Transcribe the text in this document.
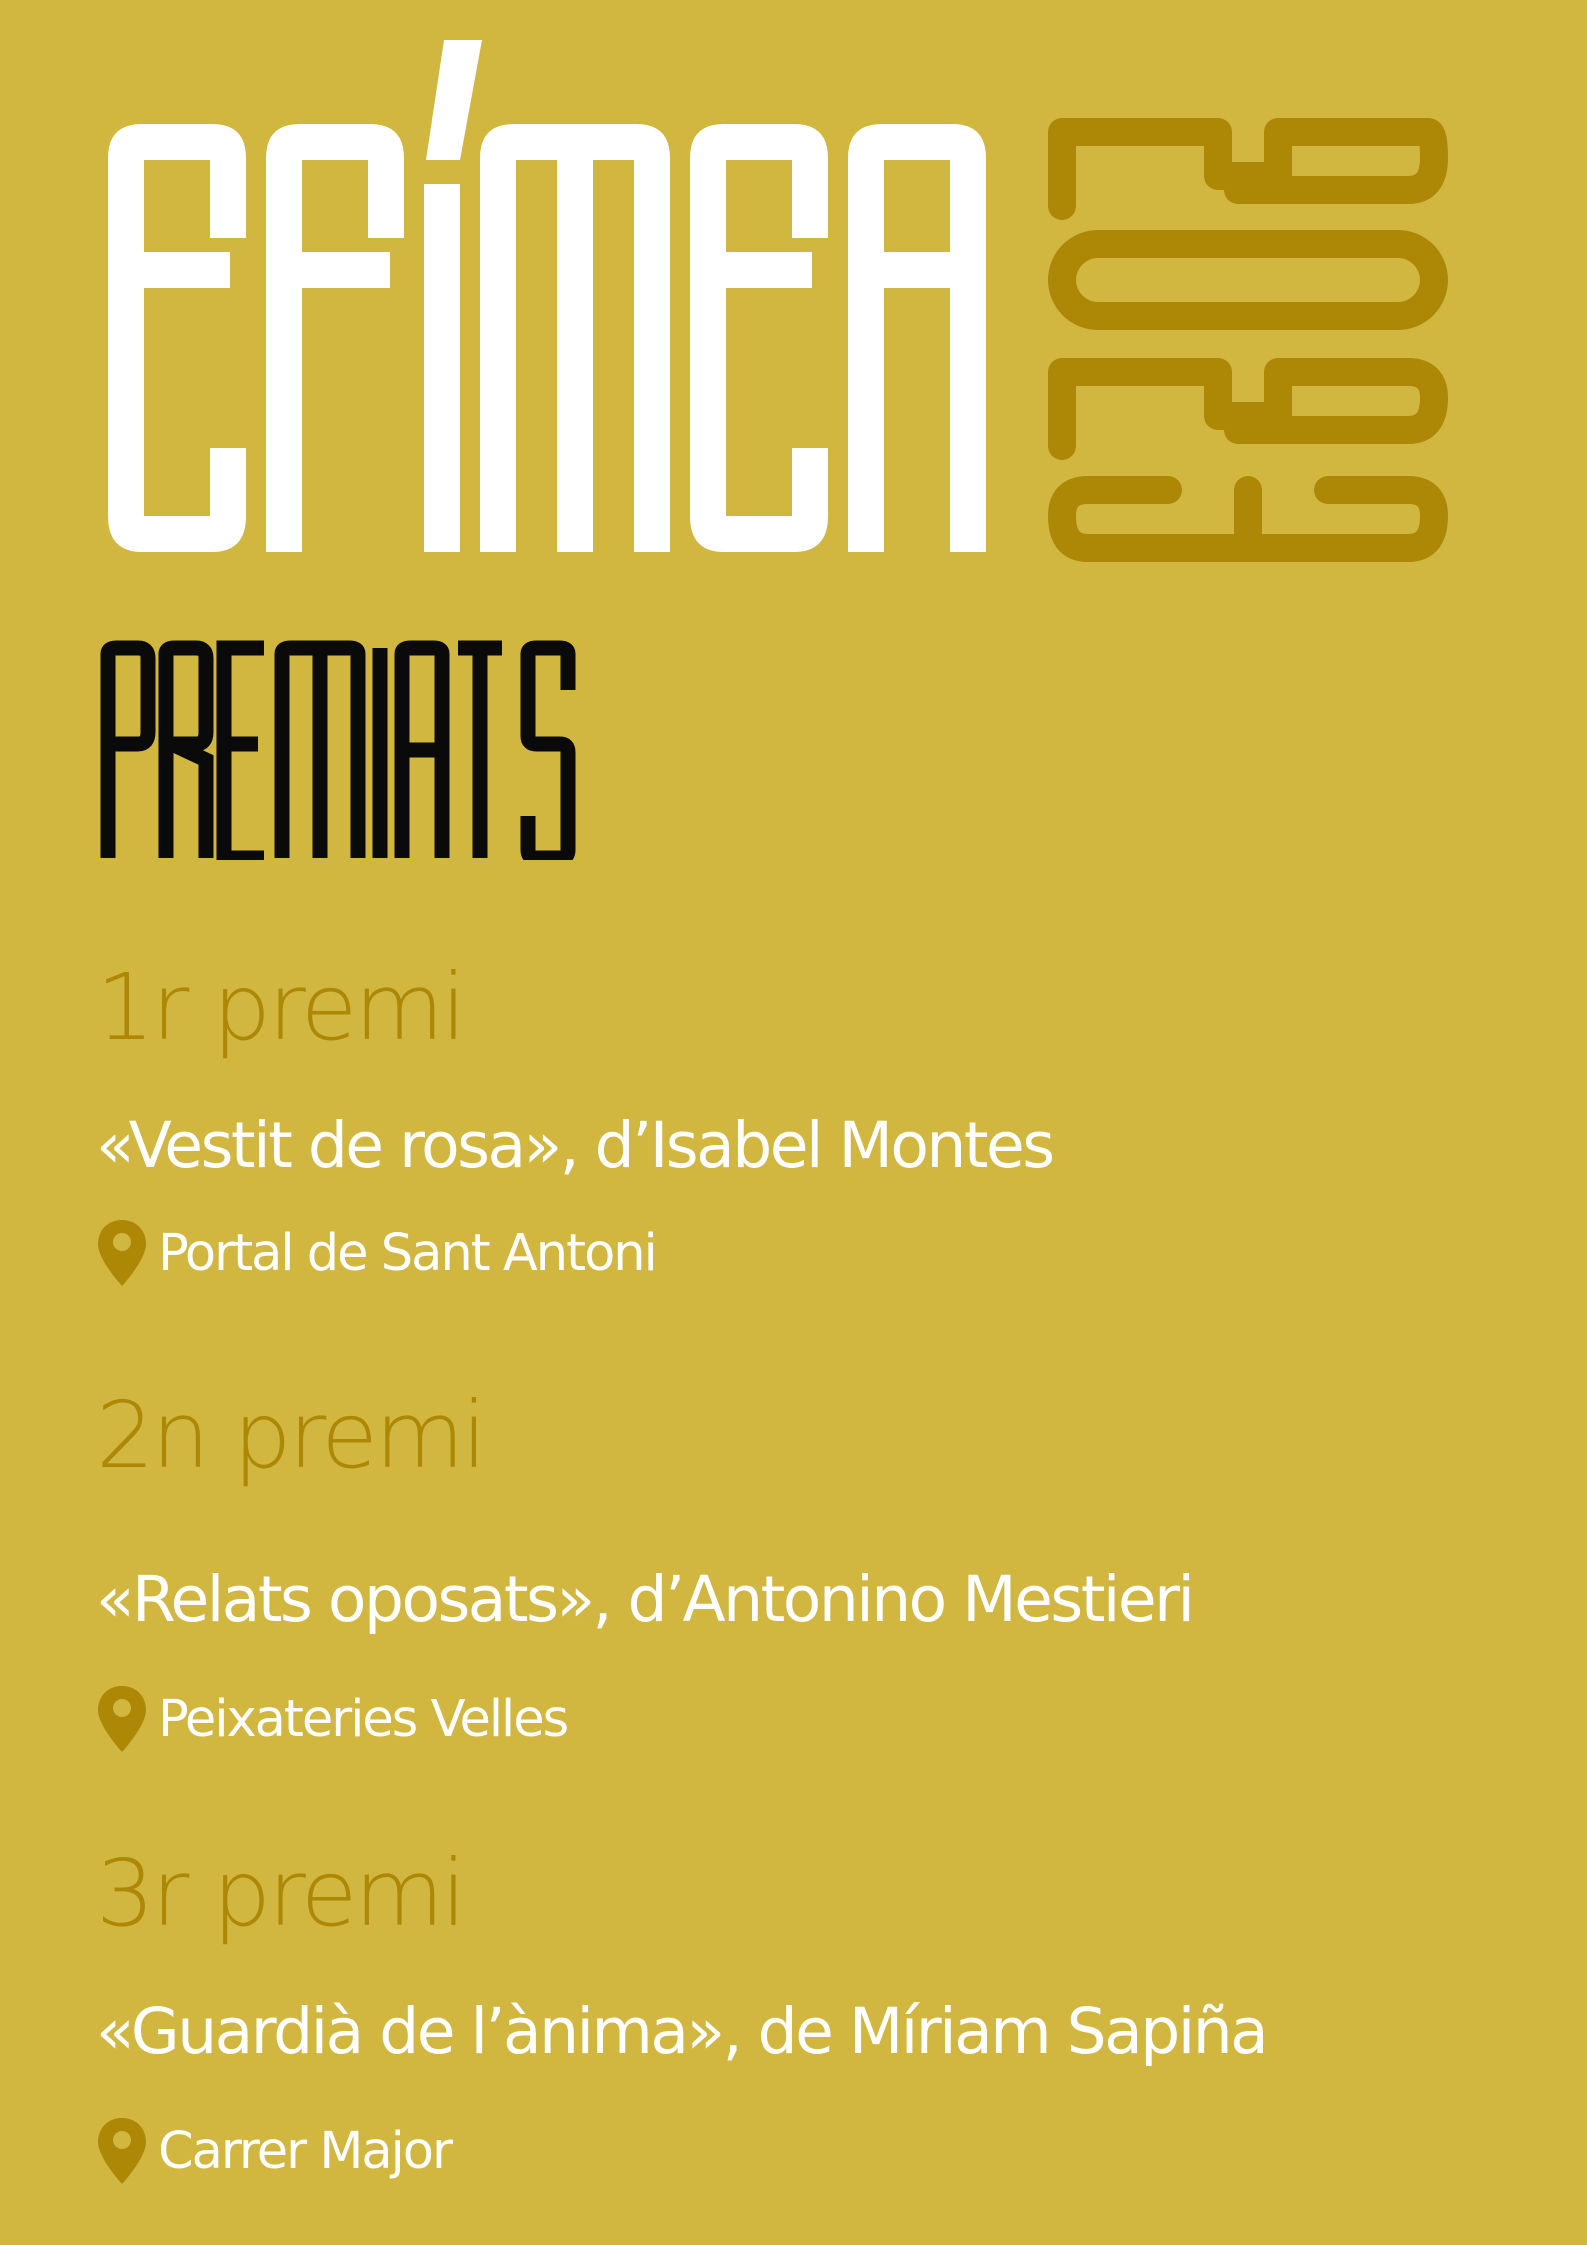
1r premi

«Vestit de rosa», d’Isabel Montes

Portal de Sant Antoni

2n premi

«Relats oposats», d’Antonino Mestieri

Peixateries Velles

3r premi

«Guardià de l’ànima», de Míriam Sapiña

Carrer Major
